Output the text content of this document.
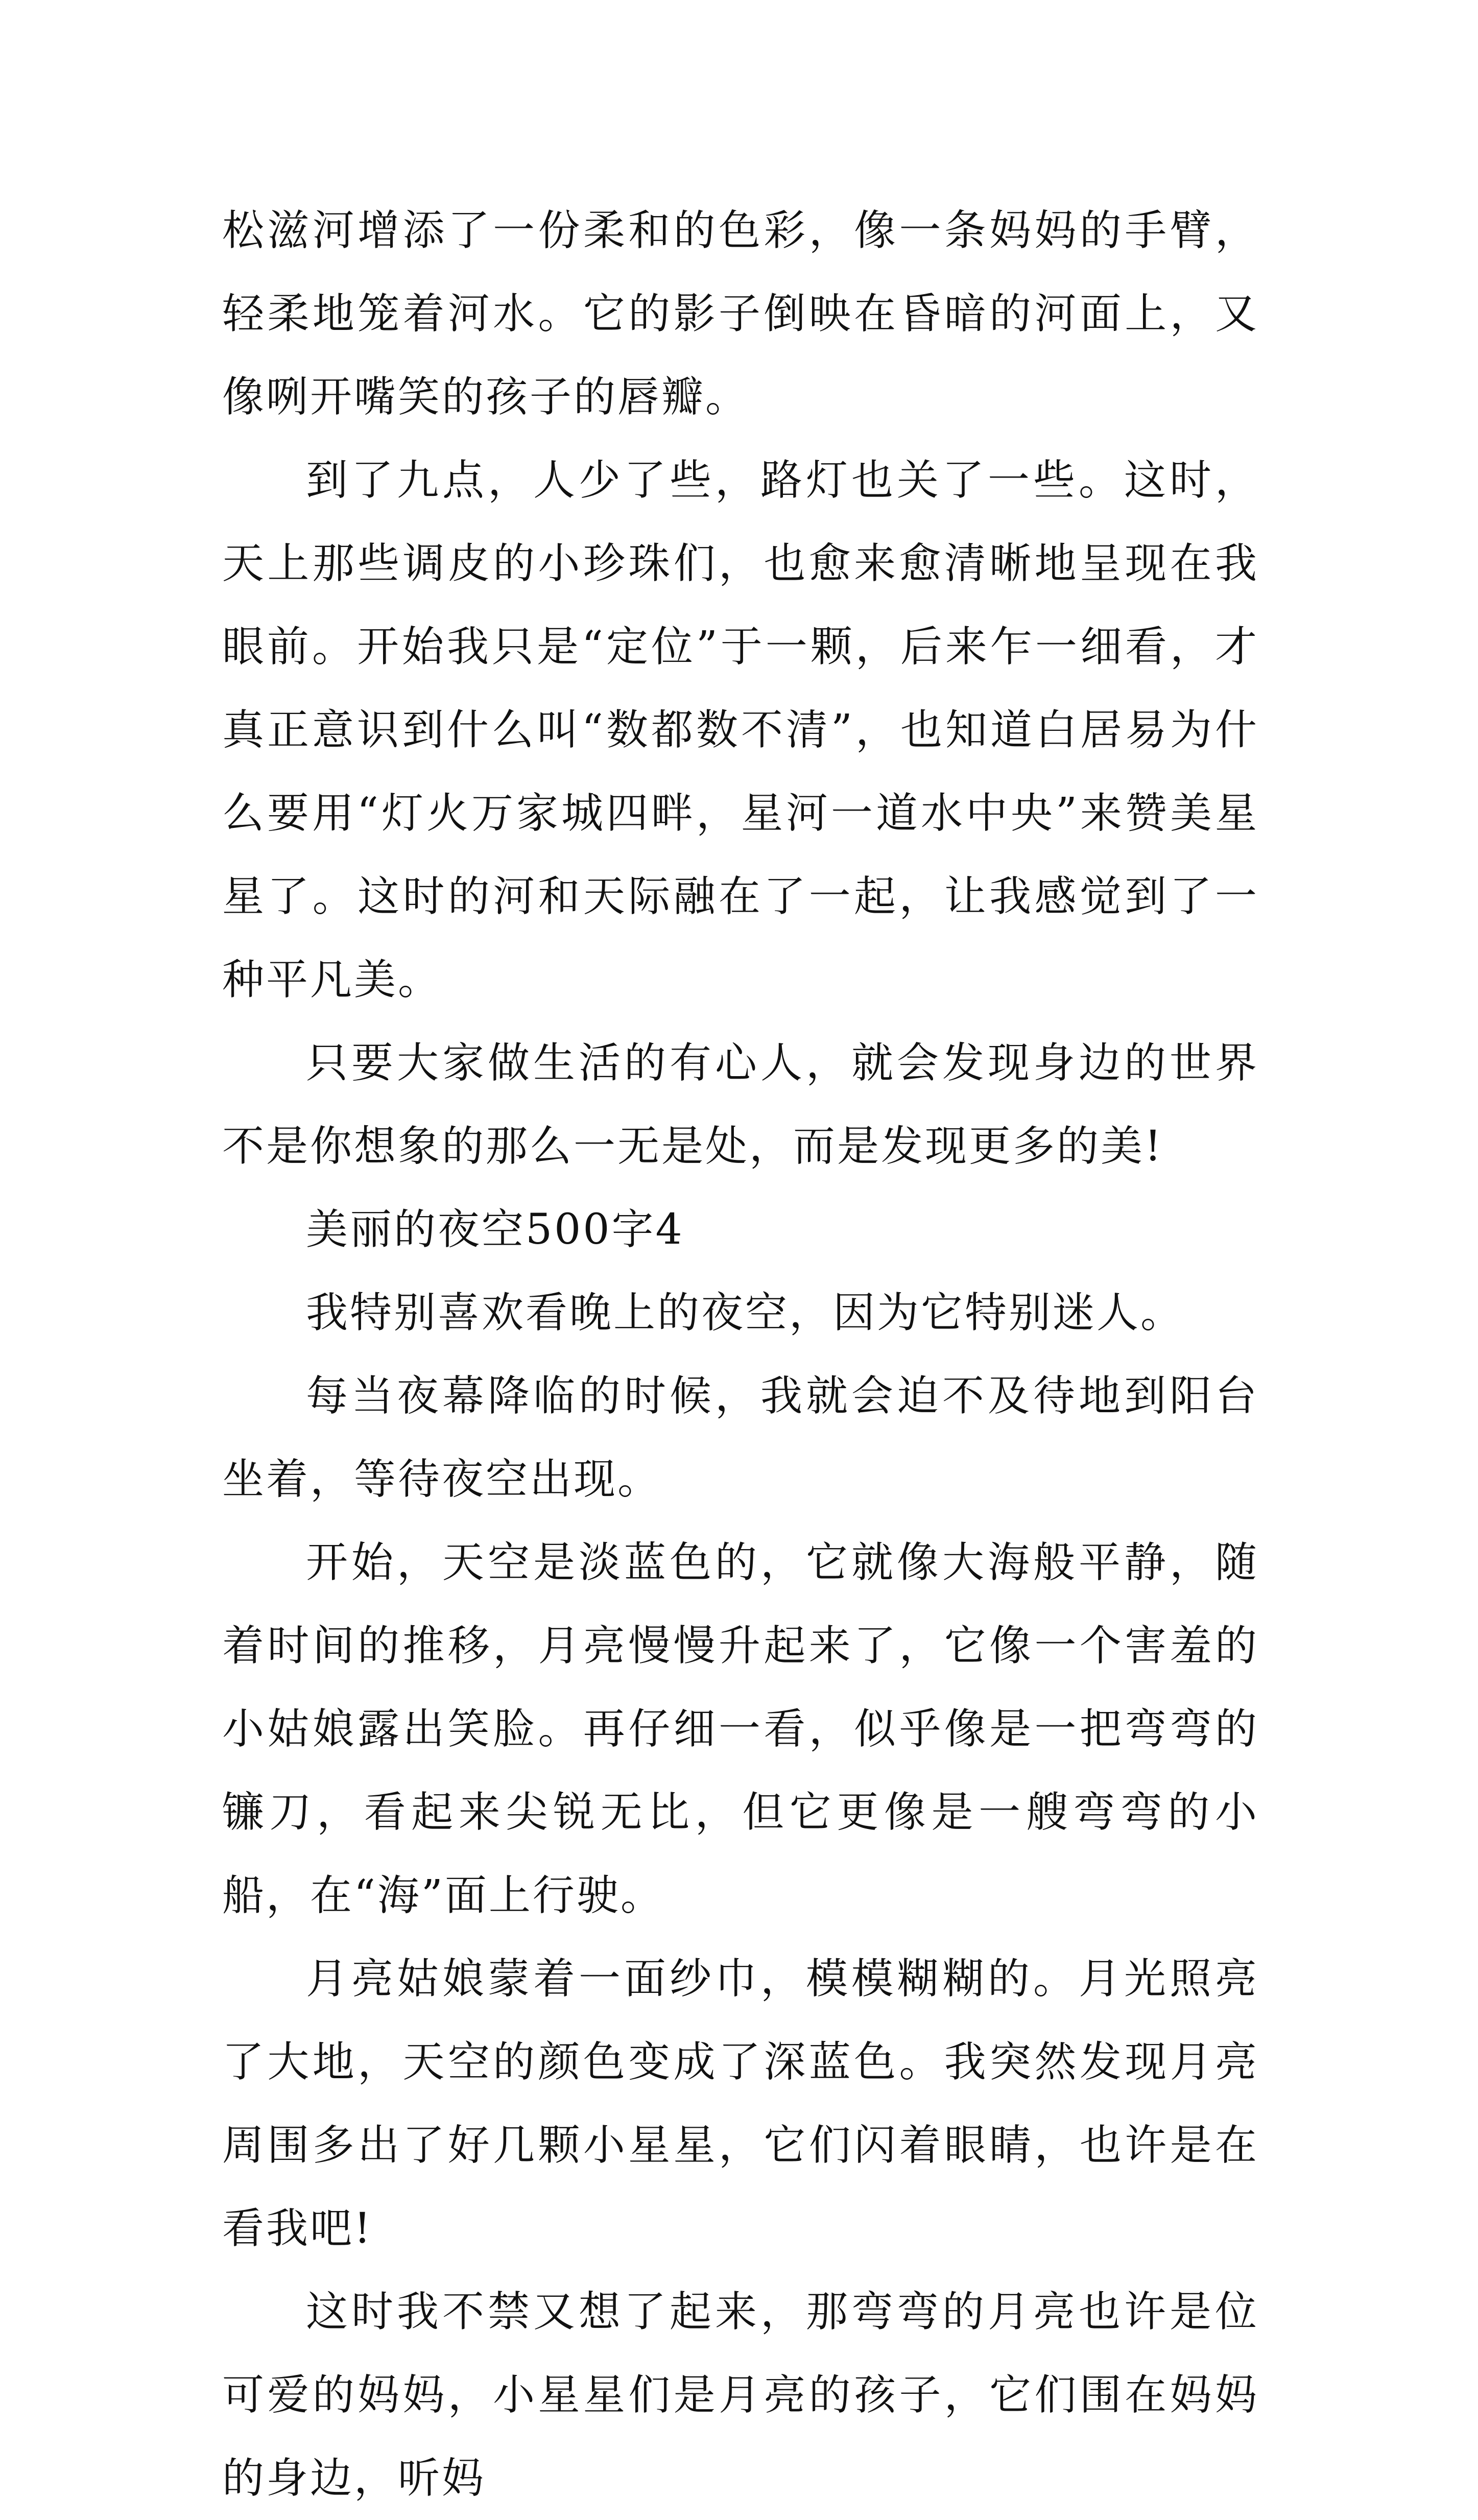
松滋河增添了一份柔和的色彩，像一条妈妈的手臂，轻柔地笼着河水。它的影子倒映在昏暗的河面上，又像咧开嘴笑的孩子的唇瓣。

到了九点，人少了些，路灯也关了一些。这时，天上那些调皮的小珍珠们，也愈来愈清晰地呈现在我眼前。开始我只是“定位”于一颗，后来乍一细看，才真正意识到什么叫“数都数不清”，也知道白居易为什么要用“灯火万家城四畔，星河一道水中央”来赞美星星了。这时的河和天际融在了一起，让我感觉到了一种平凡美。

只要大家做生活的有心人，就会发现身边的世界不是你想象的那么一无是处，而是发现更多的美!

美丽的夜空500字4

我特别喜欢看晚上的夜空，因为它特别迷人。

每当夜幕降临的时候，我就会迫不及待地到阳台坐着，等待夜空出现。

开始，天空是淡蓝色的，它就像大海般平静，随着时间的推移，月亮慢慢升起来了，它像一个害羞的小姑娘露出笑脸。再仔细一看，似乎像是一把弯弯的镰刀，看起来尖锐无比，但它更像是一艘弯弯的小船，在“海”面上行驶。

月亮姑娘蒙着一面纱巾，模模糊糊的。月光照亮了大地，天空的颜色变成了深蓝色。我突然发现月亮周围多出了好几颗小星星，它们闪着眼睛，也许是在看我吧!

这时我不禁又想了起来，那弯弯的月亮也许是位可爱的妈妈，小星星们是月亮的孩子，它们围在妈妈的身边，听妈
